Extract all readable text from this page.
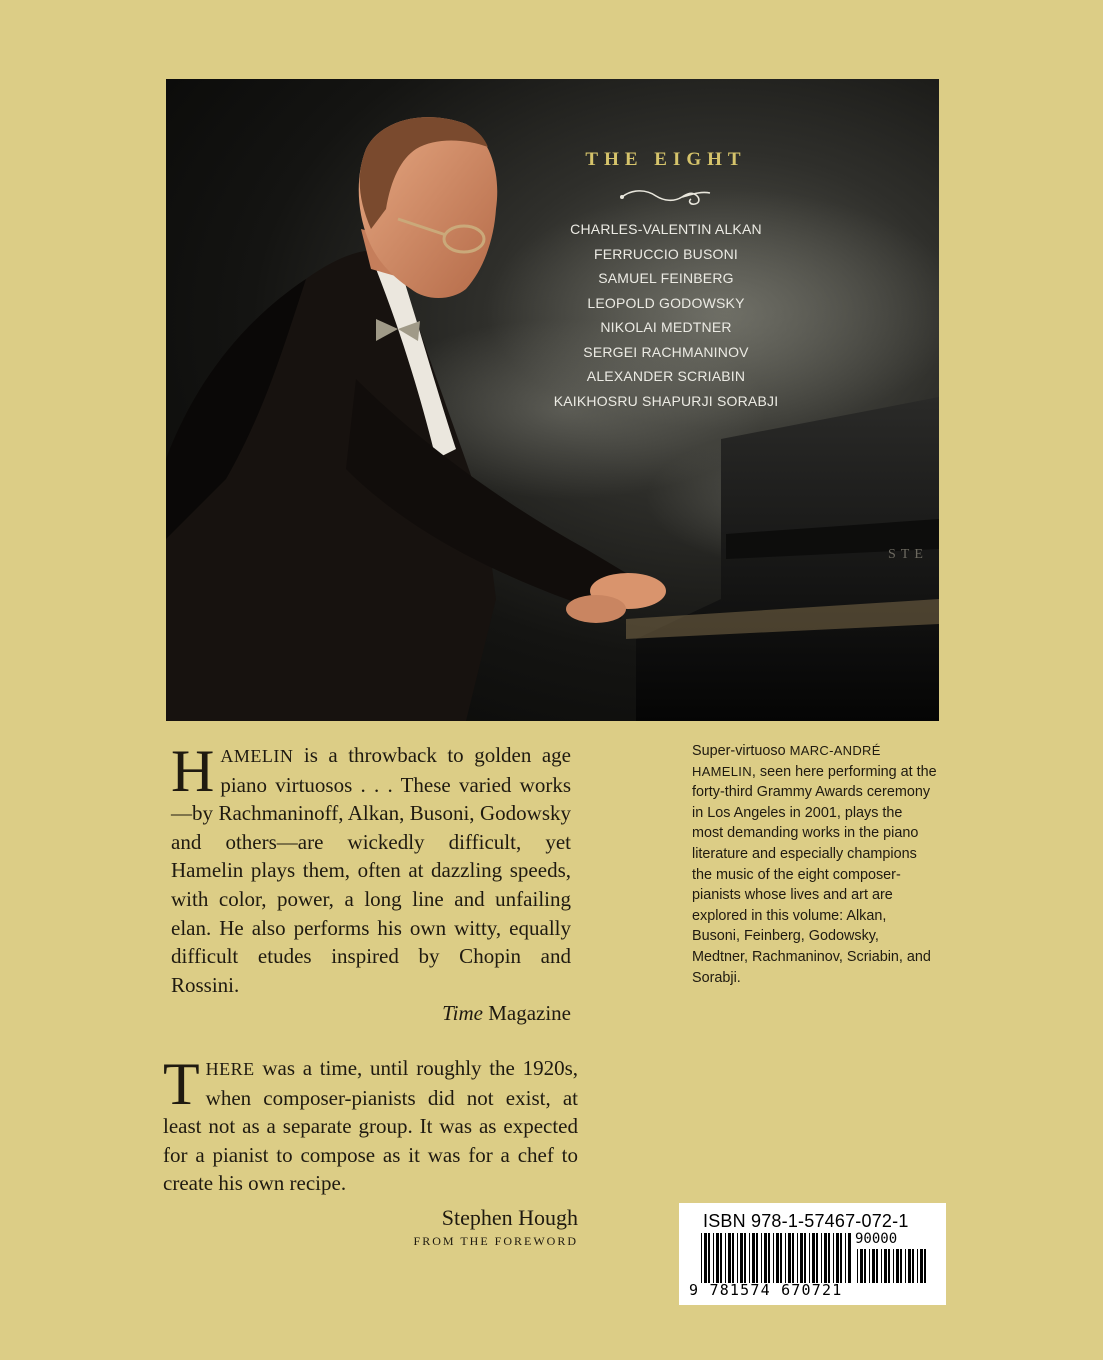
THE EIGHT
CHARLES-VALENTIN ALKAN
FERRUCCIO BUSONI
SAMUEL FEINBERG
LEOPOLD GODOWSKY
NIKOLAI MEDTNER
SERGEI RACHMANINOV
ALEXANDER SCRIABIN
KAIKHOSRU SHAPURJI SORABJI
STE
HAMELIN is a throwback to golden age piano virtuosos . . . These varied works—by Rachmaninoff, Alkan, Busoni, Godowsky and others—are wickedly difficult, yet Hamelin plays them, often at dazzling speeds, with color, power, a long line and unfailing elan. He also performs his own witty, equally difficult etudes inspired by Chopin and Rossini.
Time Magazine
THERE was a time, until roughly the 1920s, when composer-pianists did not exist, at least not as a separate group. It was as expected for a pianist to compose as it was for a chef to create his own recipe.
Stephen Hough
FROM THE FOREWORD
Super-virtuoso MARC-ANDRÉ HAMELIN, seen here performing at the forty-third Grammy Awards ceremony in Los Angeles in 2001, plays the most demanding works in the piano literature and especially champions the music of the eight composer-pianists whose lives and art are explored in this volume: Alkan, Busoni, Feinberg, Godowsky, Medtner, Rachmaninov, Scriabin, and Sorabji.
ISBN 978-1-57467-072-1
90000
9 781574 670721
